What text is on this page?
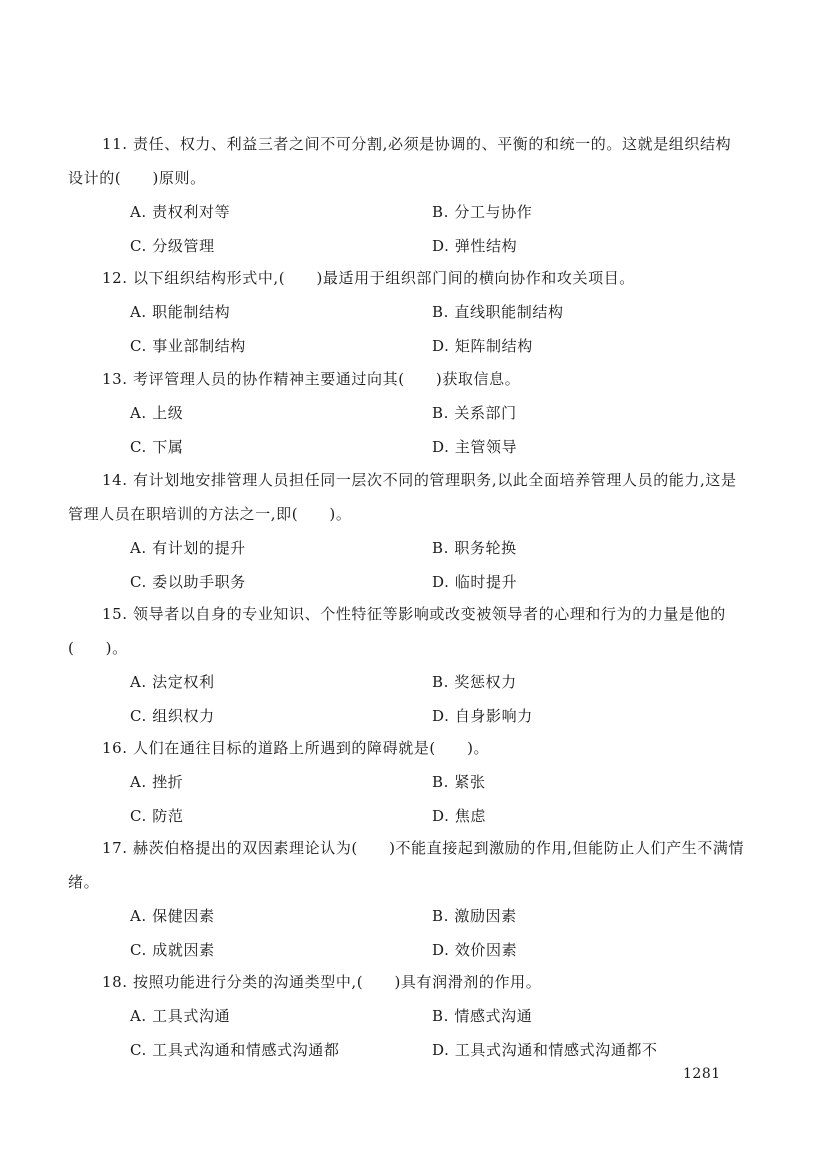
11. 责任、权力、利益三者之间不可分割,必须是协调的、平衡的和统一的。这就是组织结构设计的(　　)原则。

A. 责权利对等	B. 分工与协作
C. 分级管理	D. 弹性结构

12. 以下组织结构形式中,(　　)最适用于组织部门间的横向协作和攻关项目。

A. 职能制结构	B. 直线职能制结构
C. 事业部制结构	D. 矩阵制结构

13. 考评管理人员的协作精神主要通过向其(　　)获取信息。

A. 上级	B. 关系部门
C. 下属	D. 主管领导

14. 有计划地安排管理人员担任同一层次不同的管理职务,以此全面培养管理人员的能力,这是管理人员在职培训的方法之一,即(　　)。

A. 有计划的提升	B. 职务轮换
C. 委以助手职务	D. 临时提升

15. 领导者以自身的专业知识、个性特征等影响或改变被领导者的心理和行为的力量是他的(　　)。

A. 法定权利	B. 奖惩权力
C. 组织权力	D. 自身影响力

16. 人们在通往目标的道路上所遇到的障碍就是(　　)。

A. 挫折	B. 紧张
C. 防范	D. 焦虑

17. 赫茨伯格提出的双因素理论认为(　　)不能直接起到激励的作用,但能防止人们产生不满情绪。

A. 保健因素	B. 激励因素
C. 成就因素	D. 效价因素

18. 按照功能进行分类的沟通类型中,(　　)具有润滑剂的作用。

A. 工具式沟通	B. 情感式沟通
C. 工具式沟通和情感式沟通都	D. 工具式沟通和情感式沟通都不
1281
